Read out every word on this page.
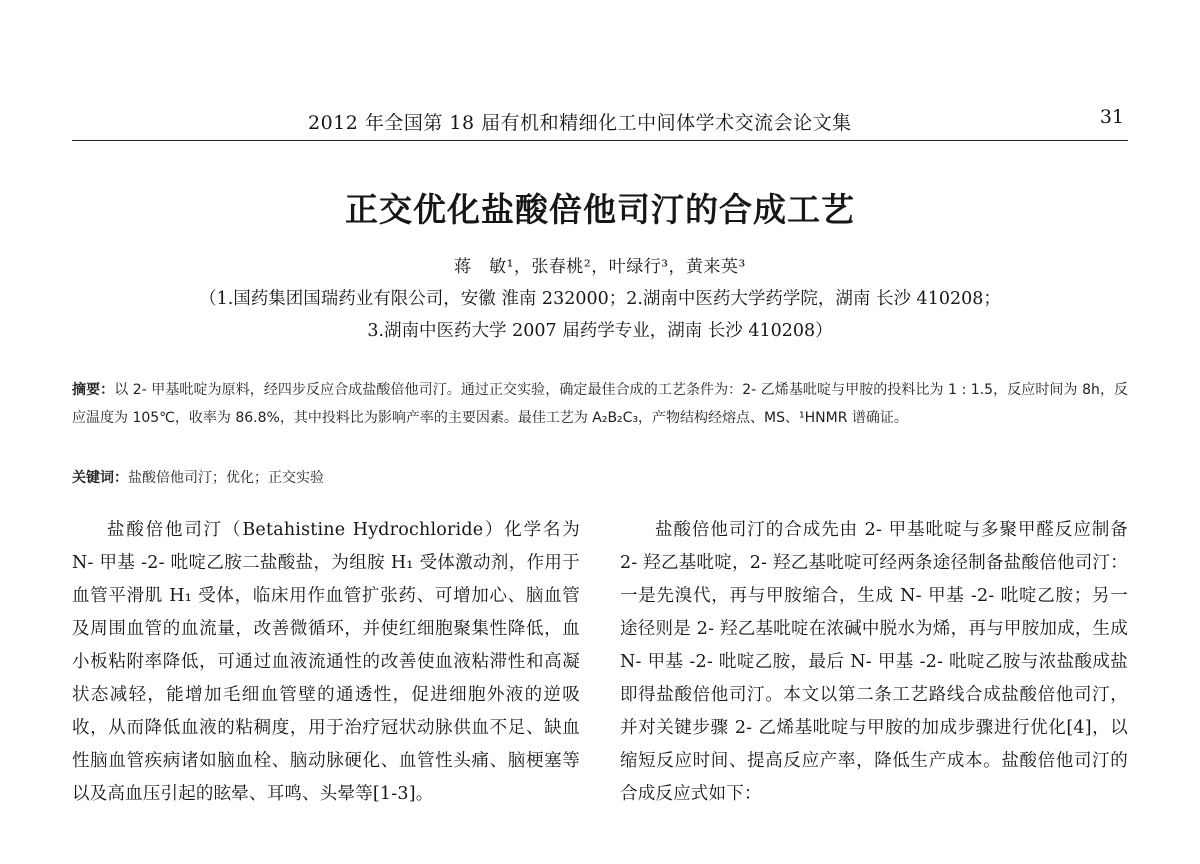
2012 年全国第 18 届有机和精细化工中间体学术交流会论文集	31
正交优化盐酸倍他司汀的合成工艺
蒋　敏¹，张春桃²，叶绿行³，黄来英³
（1.国药集团国瑞药业有限公司，安徽 淮南 232000；2.湖南中医药大学药学院，湖南 长沙 410208；
3.湖南中医药大学 2007 届药学专业，湖南 长沙 410208）
摘要：以 2- 甲基吡啶为原料，经四步反应合成盐酸倍他司汀。通过正交实验，确定最佳合成的工艺条件为：2- 乙烯基吡啶与甲胺的投料比为 1 : 1.5，反应时间为 8h，反应温度为 105℃，收率为 86.8%，其中投料比为影响产率的主要因素。最佳工艺为 A₂B₂C₃，产物结构经熔点、MS、¹HNMR 谱确证。
关键词：盐酸倍他司汀；优化；正交实验
盐酸倍他司汀（Betahistine Hydrochloride）化学名为 N- 甲基 -2- 吡啶乙胺二盐酸盐，为组胺 H₁ 受体激动剂，作用于血管平滑肌 H₁ 受体，临床用作血管扩张药、可增加心、脑血管及周围血管的血流量，改善微循环，并使红细胞聚集性降低，血小板粘附率降低，可通过血液流通性的改善使血液粘滞性和高凝状态减轻，能增加毛细血管壁的通透性，促进细胞外液的逆吸收，从而降低血液的粘稠度，用于治疗冠状动脉供血不足、缺血性脑血管疾病诸如脑血栓、脑动脉硬化、血管性头痛、脑梗塞等以及高血压引起的眩晕、耳鸣、头晕等[1-3]。
盐酸倍他司汀的合成先由 2- 甲基吡啶与多聚甲醛反应制备 2- 羟乙基吡啶，2- 羟乙基吡啶可经两条途径制备盐酸倍他司汀：一是先溴代，再与甲胺缩合，生成 N- 甲基 -2- 吡啶乙胺；另一途径则是 2- 羟乙基吡啶在浓碱中脱水为烯，再与甲胺加成，生成 N- 甲基 -2- 吡啶乙胺，最后 N- 甲基 -2- 吡啶乙胺与浓盐酸成盐即得盐酸倍他司汀。本文以第二条工艺路线合成盐酸倍他司汀，并对关键步骤 2- 乙烯基吡啶与甲胺的加成步骤进行优化[4]，以缩短反应时间、提高反应产率，降低生产成本。盐酸倍他司汀的合成反应式如下：
